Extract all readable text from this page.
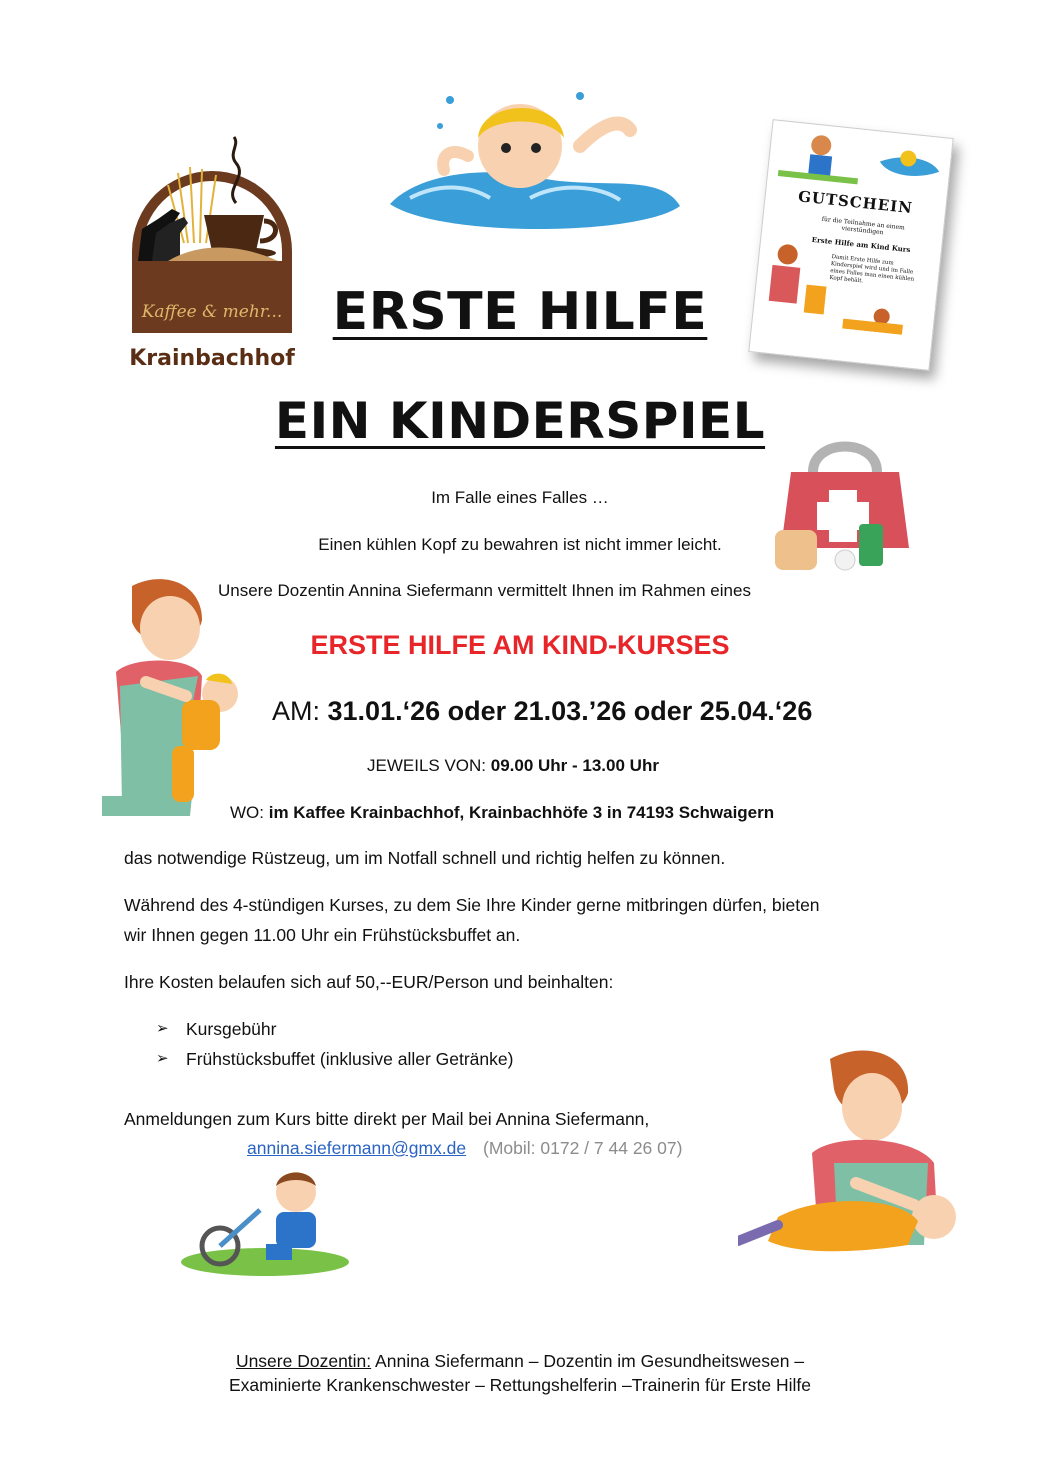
Kaffee & mehr...
Krainbachhof
GUTSCHEIN
für die Teilnahme an einem vierstündigen
Erste Hilfe am Kind Kurs
Damit Erste Hilfe zum Kinderspiel wird und im Falle eines Falles man einen kühlen Kopf behält.
ERSTE HILFE
EIN KINDERSPIEL
Im Falle eines Falles …
Einen kühlen Kopf zu bewahren ist nicht immer leicht.
Unsere Dozentin Annina Siefermann vermittelt Ihnen im Rahmen eines
ERSTE HILFE AM KIND-KURSES
AM: 31.01.‘26 oder 21.03.’26 oder 25.04.‘26
JEWEILS VON: 09.00 Uhr - 13.00 Uhr
WO: im Kaffee Krainbachhof, Krainbachhöfe 3 in 74193 Schwaigern
das notwendige Rüstzeug, um im Notfall schnell und richtig helfen zu können.
Während des 4-stündigen Kurses, zu dem Sie Ihre Kinder gerne mitbringen dürfen, bieten
wir Ihnen gegen 11.00 Uhr ein Frühstücksbuffet an.
Ihre Kosten belaufen sich auf 50,--EUR/Person und beinhalten:
➢ Kursgebühr
➢ Frühstücksbuffet (inklusive aller Getränke)
Anmeldungen zum Kurs bitte direkt per Mail bei Annina Siefermann,
annina.siefermann@gmx.de (Mobil: 0172 / 7 44 26 07)
Unsere Dozentin: Annina Siefermann – Dozentin im Gesundheitswesen –
Examinierte Krankenschwester – Rettungshelferin –Trainerin für Erste Hilfe
